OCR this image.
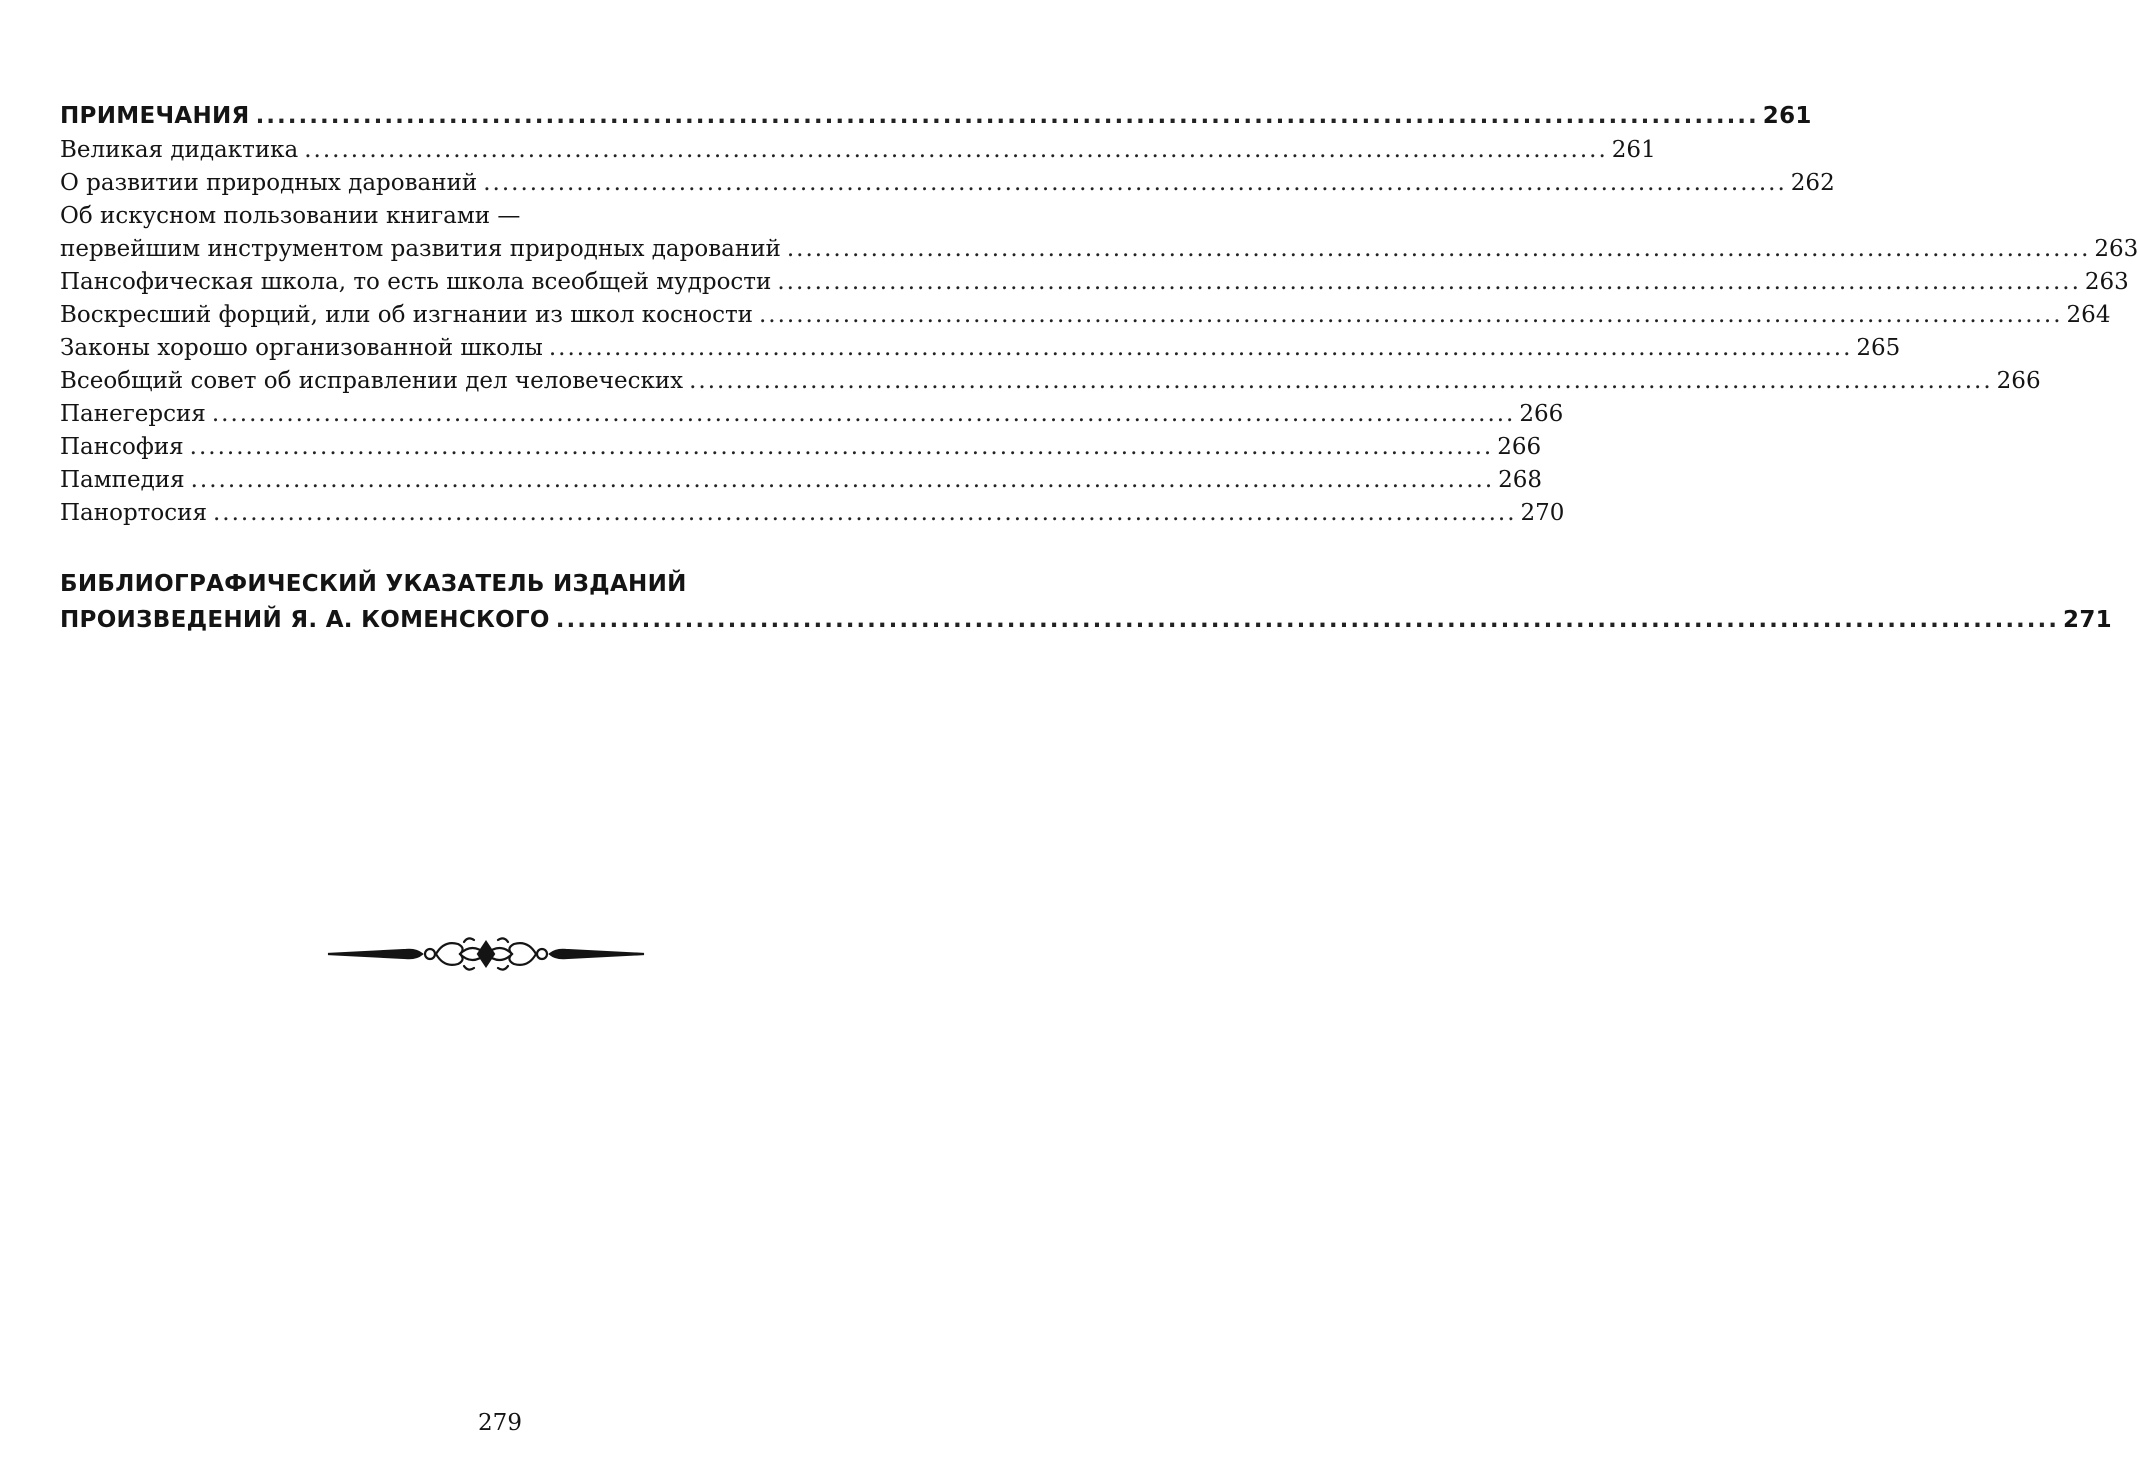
ПРИМЕЧАНИЯ ............................................................................................................................................ 261
Великая дидактика ............................................................................................................................................ 261
О развитии природных дарований ............................................................................................................................................ 262
Об искусном пользовании книгами —
первейшим инструментом развития природных дарований ............................................................................................................................................ 263
Пансофическая школа, то есть школа всеобщей мудрости ............................................................................................................................................ 263
Воскресший форций, или об изгнании из школ косности ............................................................................................................................................ 264
Законы хорошо организованной школы ............................................................................................................................................ 265
Всеобщий совет об исправлении дел человеческих ............................................................................................................................................ 266
Панегерсия ............................................................................................................................................ 266
Пансофия ............................................................................................................................................ 266
Пампедия ............................................................................................................................................ 268
Панортосия ............................................................................................................................................ 270
БИБЛИОГРАФИЧЕСКИЙ УКАЗАТЕЛЬ ИЗДАНИЙ
ПРОИЗВЕДЕНИЙ Я. А. КОМЕНСКОГО ............................................................................................................................................ 271
279
